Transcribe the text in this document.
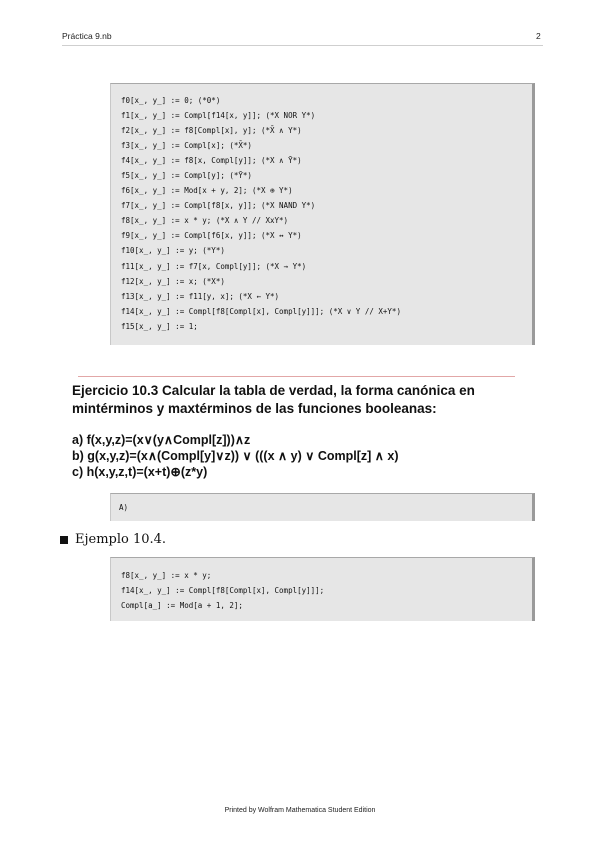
Práctica 9.nb	2
f0[x_, y_] := 0; (*0*)
f1[x_, y_] := Compl[f14[x, y]]; (*X NOR Y*)
f2[x_, y_] := f8[Compl[x], y]; (*X̄ ∧ Y*)
f3[x_, y_] := Compl[x]; (*X̄*)
f4[x_, y_] := f8[x, Compl[y]]; (*X ∧ Ȳ*)
f5[x_, y_] := Compl[y]; (*Ȳ*)
f6[x_, y_] := Mod[x + y, 2]; (*X ⊕ Y*)
f7[x_, y_] := Compl[f8[x, y]]; (*X NAND Y*)
f8[x_, y_] := x * y; (*X ∧ Y // XxY*)
f9[x_, y_] := Compl[f6[x, y]]; (*X ↔ Y*)
f10[x_, y_] := y; (*Y*)
f11[x_, y_] := f7[x, Compl[y]]; (*X → Y*)
f12[x_, y_] := x; (*X*)
f13[x_, y_] := f11[y, x]; (*X ← Y*)
f14[x_, y_] := Compl[f8[Compl[x], Compl[y]]]; (*X ∨ Y // X+Y*)
f15[x_, y_] := 1;
Ejercicio 10.3 Calcular la tabla de verdad, la forma canónica en mintérminos y maxtérminos de las funciones booleanas:
a) f(x,y,z)=(x∨(y∧Compl[z]))∧z
b) g(x,y,z)=(x∧(Compl[y]∨z)) ∨ (((x ∧ y) ∨ Compl[z] ∧ x)
c) h(x,y,z,t)=(x+t)⊕(z*y)
A)
Ejemplo 10.4.
f8[x_, y_] := x * y;
f14[x_, y_] := Compl[f8[Compl[x], Compl[y]]];
Compl[a_] := Mod[a + 1, 2];
Printed by Wolfram Mathematica Student Edition
